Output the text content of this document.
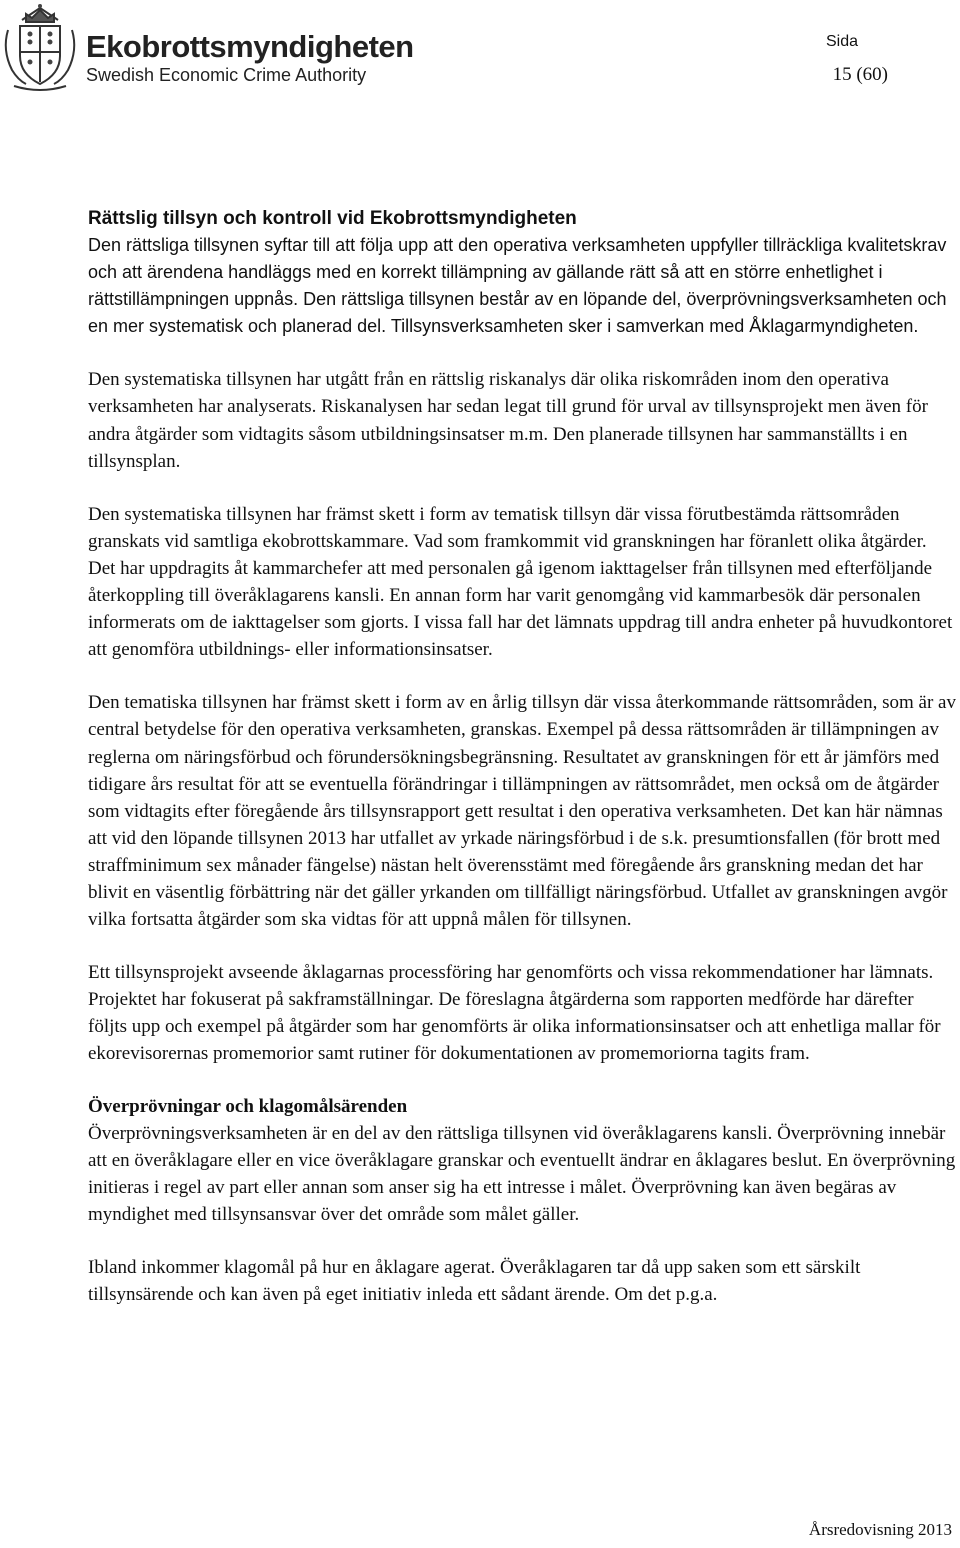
Ekobrottsmyndigheten
Swedish Economic Crime Authority
Sida
15 (60)
Rättslig tillsyn och kontroll vid Ekobrottsmyndigheten

Den rättsliga tillsynen syftar till att följa upp att den operativa verksamheten uppfyller tillräckliga kvalitetskrav och att ärendena handläggs med en korrekt tillämpning av gällande rätt så att en större enhetlighet i rättstillämpningen uppnås. Den rättsliga tillsynen består av en löpande del, överprövningsverksamheten och en mer systematisk och planerad del. Tillsynsverksamheten sker i samverkan med Åklagarmyndigheten.

Den systematiska tillsynen har utgått från en rättslig riskanalys där olika riskområden inom den operativa verksamheten har analyserats. Riskanalysen har sedan legat till grund för urval av tillsynsprojekt men även för andra åtgärder som vidtagits såsom utbildningsinsatser m.m. Den planerade tillsynen har sammanställts i en tillsynsplan.

Den systematiska tillsynen har främst skett i form av tematisk tillsyn där vissa förutbestämda rättsområden granskats vid samtliga ekobrottskammare. Vad som framkommit vid granskningen har föranlett olika åtgärder. Det har uppdragits åt kammarchefer att med personalen gå igenom iakttagelser från tillsynen med efterföljande återkoppling till överåklagarens kansli. En annan form har varit genomgång vid kammarbesök där personalen informerats om de iakttagelser som gjorts. I vissa fall har det lämnats uppdrag till andra enheter på huvudkontoret att genomföra utbildnings- eller informationsinsatser.

Den tematiska tillsynen har främst skett i form av en årlig tillsyn där vissa återkommande rättsområden, som är av central betydelse för den operativa verksamheten, granskas. Exempel på dessa rättsområden är tillämpningen av reglerna om näringsförbud och förundersökningsbegränsning. Resultatet av granskningen för ett år jämförs med tidigare års resultat för att se eventuella förändringar i tillämpningen av rättsområdet, men också om de åtgärder som vidtagits efter föregående års tillsynsrapport gett resultat i den operativa verksamheten. Det kan här nämnas att vid den löpande tillsynen 2013 har utfallet av yrkade näringsförbud i de s.k. presumtionsfallen (för brott med straffminimum sex månader fängelse) nästan helt överensstämt med föregående års granskning medan det har blivit en väsentlig förbättring när det gäller yrkanden om tillfälligt näringsförbud. Utfallet av granskningen avgör vilka fortsatta åtgärder som ska vidtas för att uppnå målen för tillsynen.

Ett tillsynsprojekt avseende åklagarnas processföring har genomförts och vissa rekommendationer har lämnats. Projektet har fokuserat på sakframställningar. De föreslagna åtgärderna som rapporten medförde har därefter följts upp och exempel på åtgärder som har genomförts är olika informationsinsatser och att enhetliga mallar för ekorevisorernas promemorior samt rutiner för dokumentationen av promemoriorna tagits fram.

Överprövningar och klagomålsärenden

Överprövningsverksamheten är en del av den rättsliga tillsynen vid överåklagarens kansli. Överprövning innebär att en överåklagare eller en vice överåklagare granskar och eventuellt ändrar en åklagares beslut. En överprövning initieras i regel av part eller annan som anser sig ha ett intresse i målet. Överprövning kan även begäras av myndighet med tillsynsansvar över det område som målet gäller.

Ibland inkommer klagomål på hur en åklagare agerat. Överåklagaren tar då upp saken som ett särskilt tillsynsärende och kan även på eget initiativ inleda ett sådant ärende. Om det p.g.a.

Årsredovisning 2013
